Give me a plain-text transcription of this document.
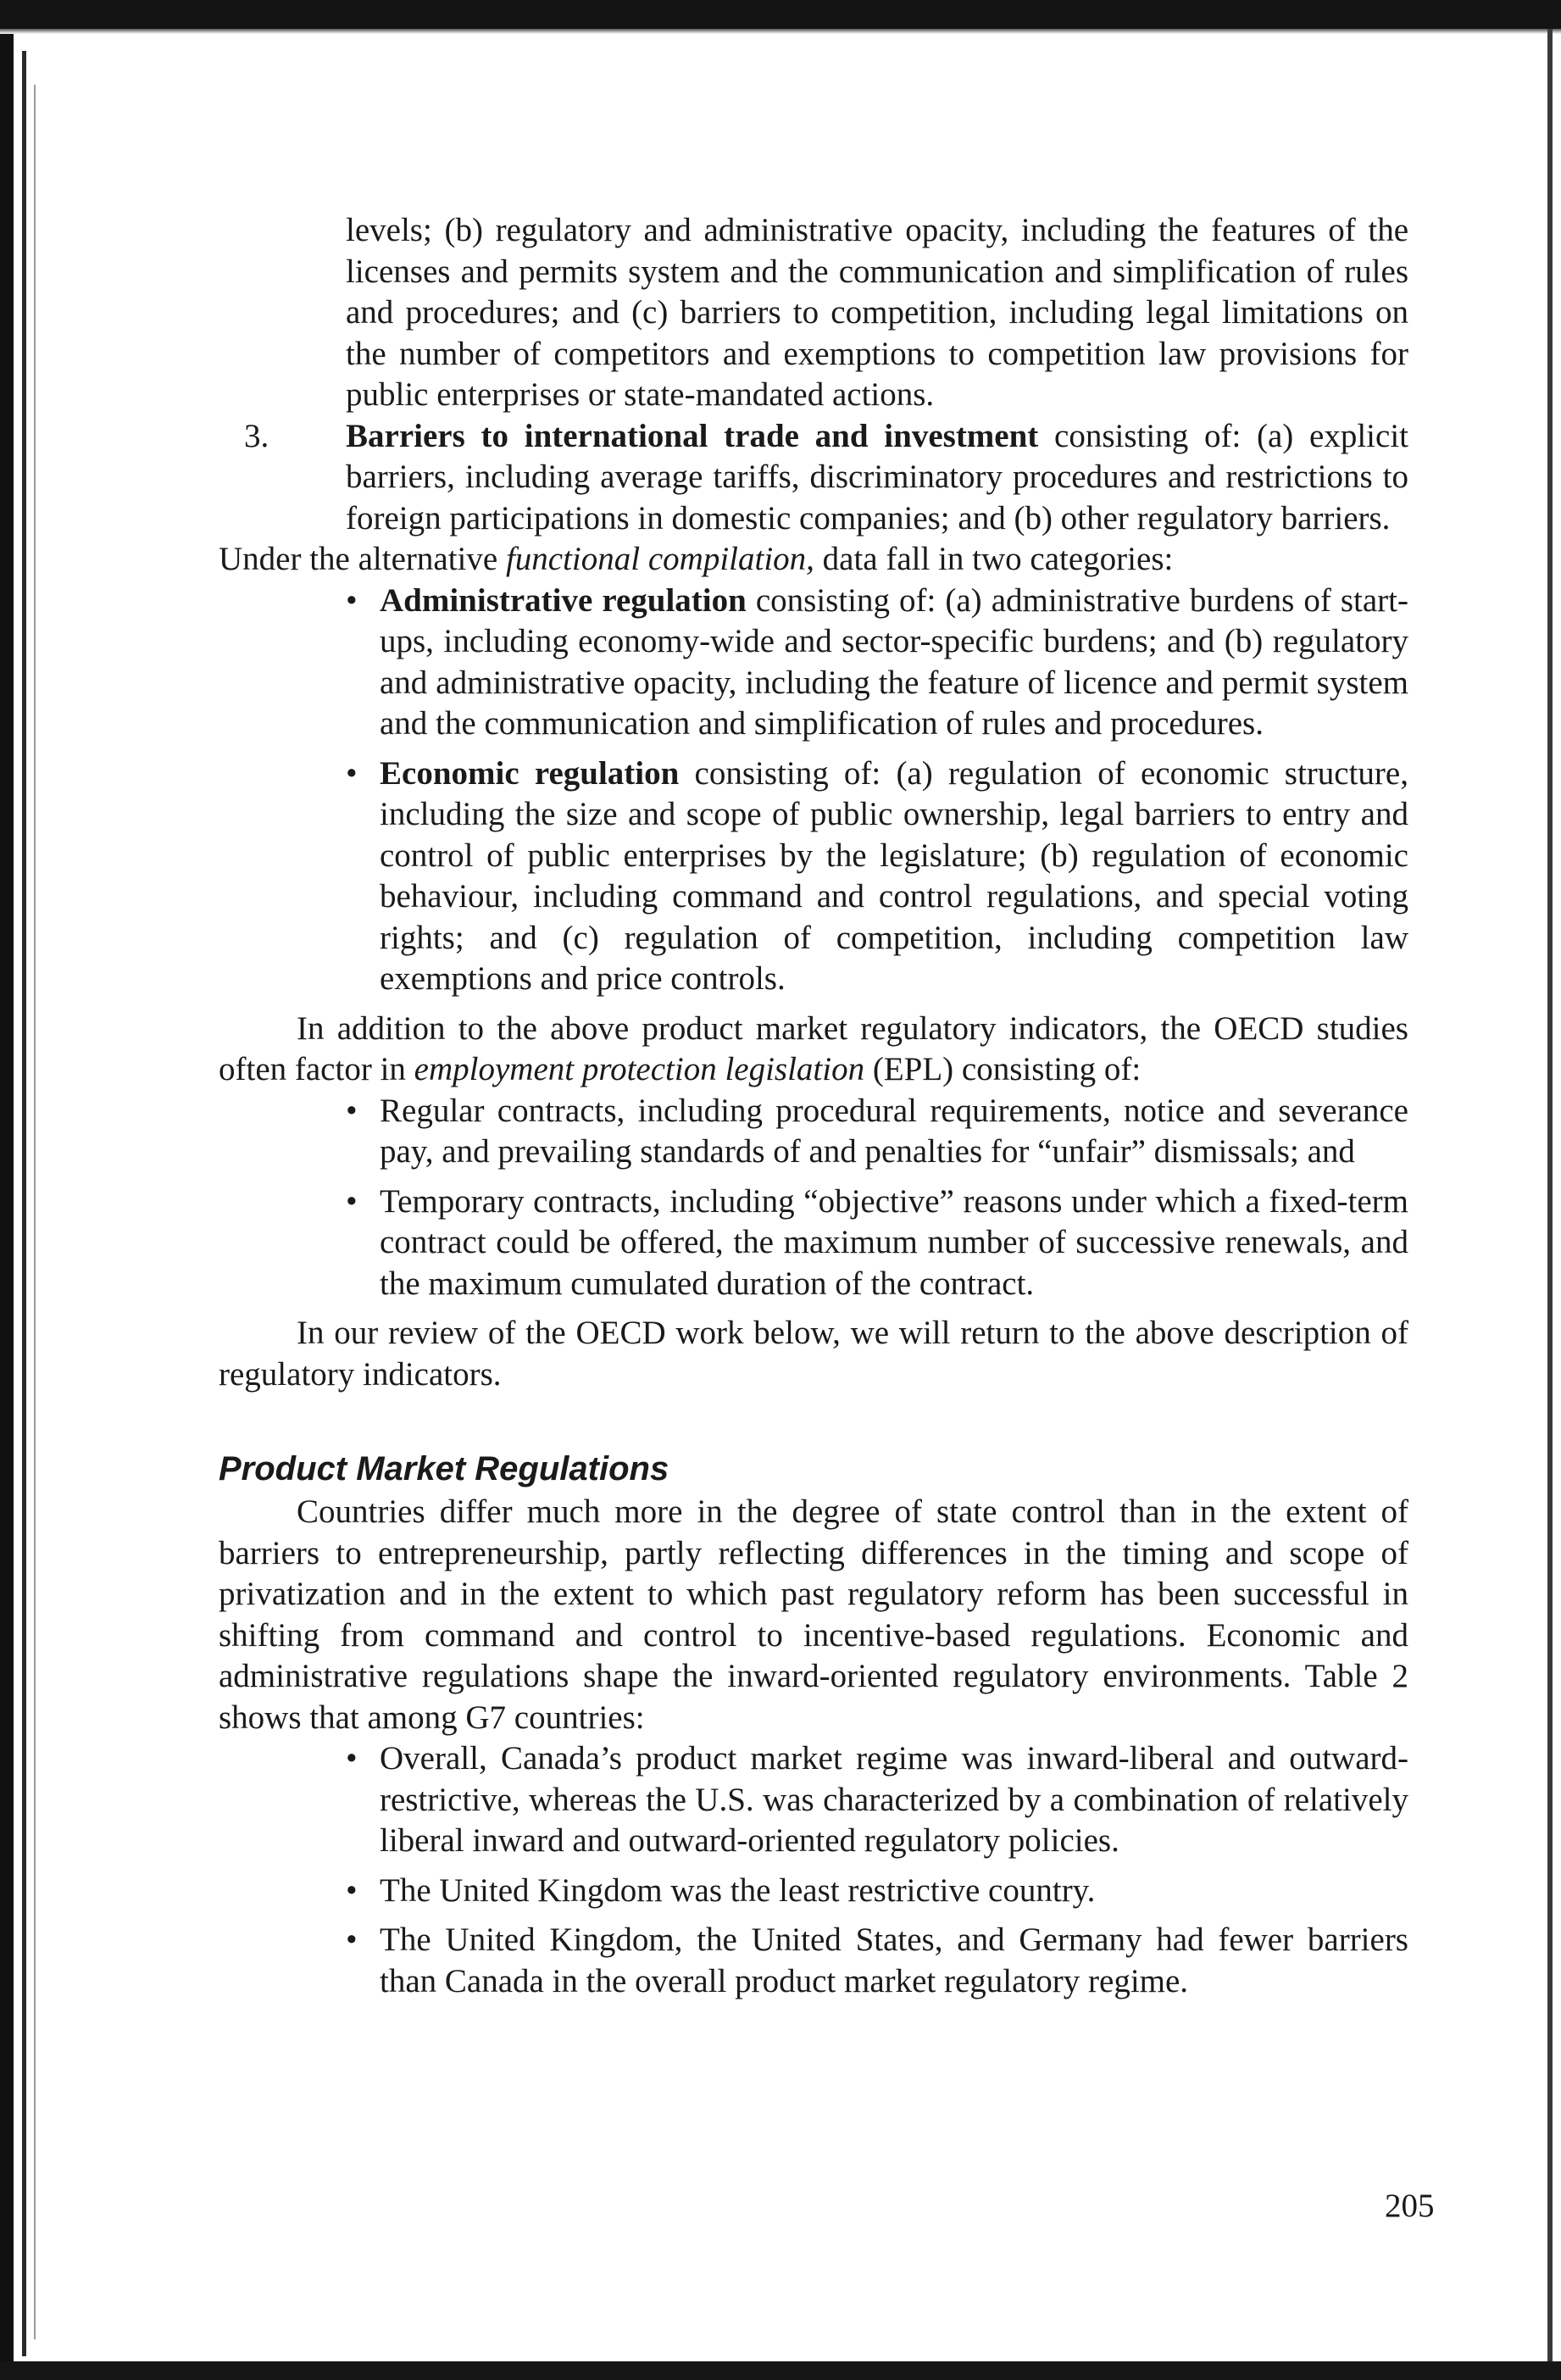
levels; (b) regulatory and administrative opacity, including the features of the licenses and permits system and the communication and simplification of rules and procedures; and (c) barriers to competition, including legal limitations on the number of competitors and exemptions to competition law provisions for public enterprises or state-mandated actions.

3. Barriers to international trade and investment consisting of: (a) explicit barriers, including average tariffs, discriminatory procedures and restrictions to foreign participations in domestic companies; and (b) other regulatory barriers.

Under the alternative functional compilation, data fall in two categories:

• Administrative regulation consisting of: (a) administrative burdens of start-ups, including economy-wide and sector-specific burdens; and (b) regulatory and administrative opacity, including the feature of licence and permit system and the communication and simplification of rules and procedures.
• Economic regulation consisting of: (a) regulation of economic structure, including the size and scope of public ownership, legal barriers to entry and control of public enterprises by the legislature; (b) regulation of economic behaviour, including command and control regulations, and special voting rights; and (c) regulation of competition, including competition law exemptions and price controls.

In addition to the above product market regulatory indicators, the OECD studies often factor in employment protection legislation (EPL) consisting of:

• Regular contracts, including procedural requirements, notice and severance pay, and prevailing standards of and penalties for “unfair” dismissals; and
• Temporary contracts, including “objective” reasons under which a fixed-term contract could be offered, the maximum number of successive renewals, and the maximum cumulated duration of the contract.

In our review of the OECD work below, we will return to the above description of regulatory indicators.

Product Market Regulations

Countries differ much more in the degree of state control than in the extent of barriers to entrepreneurship, partly reflecting differences in the timing and scope of privatization and in the extent to which past regulatory reform has been successful in shifting from command and control to incentive-based regulations. Economic and administrative regulations shape the inward-oriented regulatory environments. Table 2 shows that among G7 countries:

• Overall, Canada’s product market regime was inward-liberal and outward-restrictive, whereas the U.S. was characterized by a combination of relatively liberal inward and outward-oriented regulatory policies.
• The United Kingdom was the least restrictive country.
• The United Kingdom, the United States, and Germany had fewer barriers than Canada in the overall product market regulatory regime.
205
